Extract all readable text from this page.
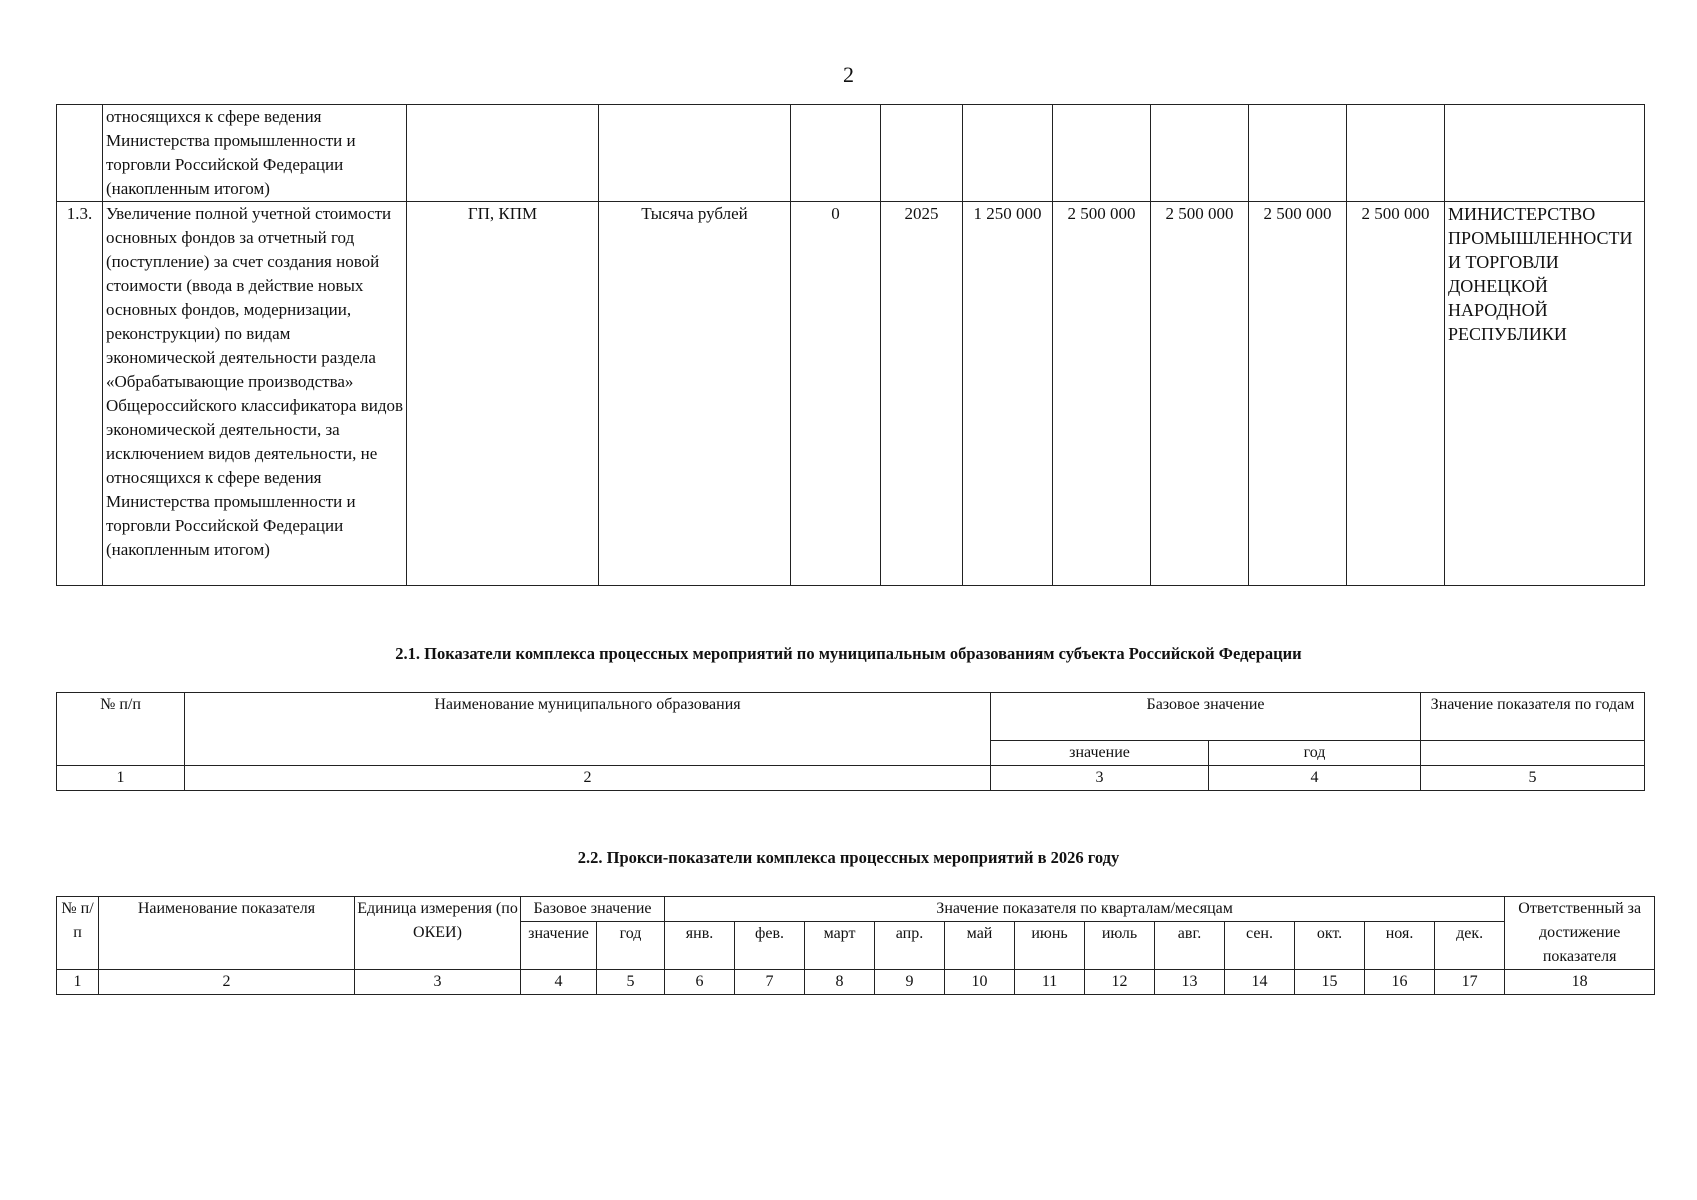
2
	относящихся к сфере ведения Министерства промышленности и торговли Российской Федерации (накопленным итогом)										
1.3.	Увеличение полной учетной стоимости основных фондов за отчетный год (поступление) за счет создания новой стоимости (ввода в действие новых основных фондов, модернизации, реконструкции) по видам экономической деятельности раздела «Обрабатывающие производства» Общероссийского классификатора видов экономической деятельности, за исключением видов деятельности, не относящихся к сфере ведения Министерства промышленности и торговли Российской Федерации (накопленным итогом)	ГП, КПМ	Тысяча рублей	0	2025	1 250 000	2 500 000	2 500 000	2 500 000	2 500 000	МИНИСТЕРСТВО ПРОМЫШЛЕННОСТИ И ТОРГОВЛИ ДОНЕЦКОЙ НАРОДНОЙ РЕСПУБЛИКИ
2.1. Показатели комплекса процессных мероприятий по муниципальным образованиям субъекта Российской Федерации
№ п/п	Наименование муниципального образования	Базовое значение		Значение показателя по годам
		значение	год	
1	2	3	4	5
2.2. Прокси-показатели комплекса процессных мероприятий в 2026 году
№ п/п	Наименование показателя	Единица измерения (по ОКЕИ)	Базовое значение		Значение показателя по кварталам/месяцам												Ответственный за достижение показателя
			значение	год	янв.	фев.	март	апр.	май	июнь	июль	авг.	сен.	окт.	ноя.	дек.	
1	2	3	4	5	6	7	8	9	10	11	12	13	14	15	16	17	18
